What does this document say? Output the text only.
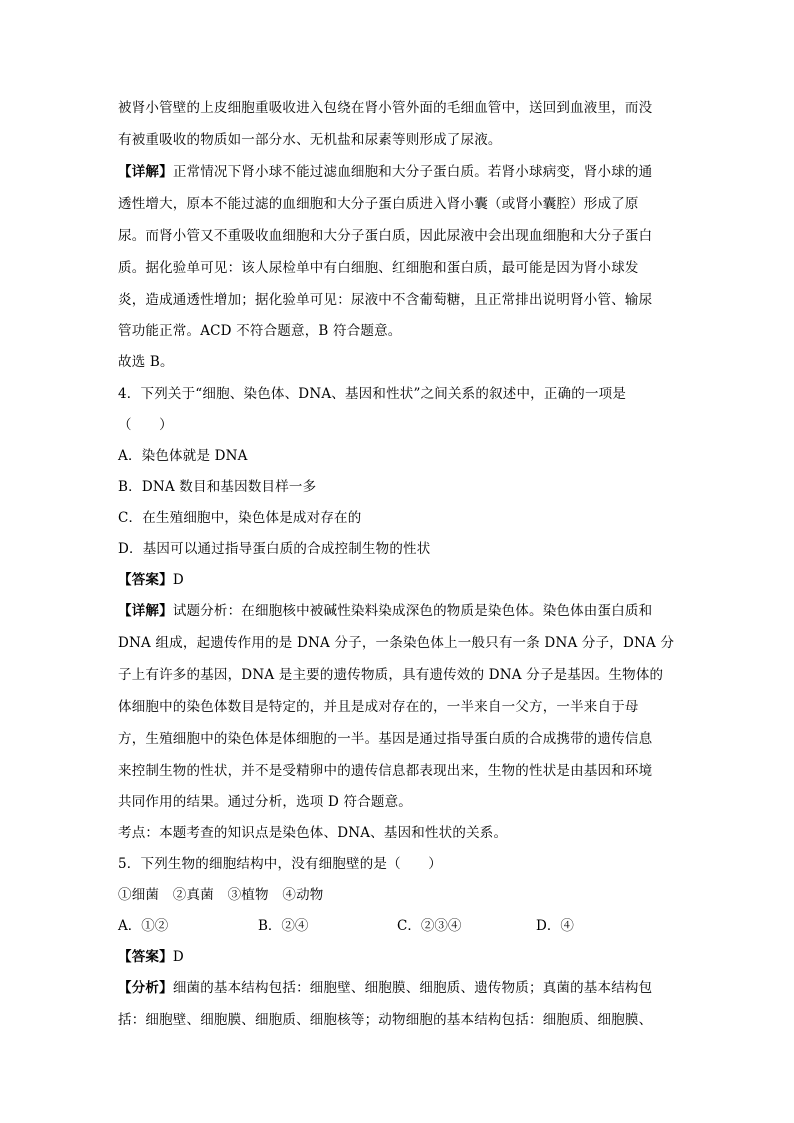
被肾小管壁的上皮细胞重吸收进入包绕在肾小管外面的毛细血管中，送回到血液里，而没
有被重吸收的物质如一部分水、无机盐和尿素等则形成了尿液。
【详解】正常情况下肾小球不能过滤血细胞和大分子蛋白质。若肾小球病变，肾小球的通
透性增大，原本不能过滤的血细胞和大分子蛋白质进入肾小囊（或肾小囊腔）形成了原
尿。而肾小管又不重吸收血细胞和大分子蛋白质，因此尿液中会出现血细胞和大分子蛋白
质。据化验单可见：该人尿检单中有白细胞、红细胞和蛋白质，最可能是因为肾小球发
炎，造成通透性增加；据化验单可见：尿液中不含葡萄糖，且正常排出说明肾小管、输尿
管功能正常。ACD 不符合题意，B 符合题意。
故选 B。
4．下列关于“细胞、染色体、DNA、基因和性状”之间关系的叙述中，正确的一项是
（　　）
A．染色体就是 DNA
B．DNA 数目和基因数目样一多
C．在生殖细胞中，染色体是成对存在的
D．基因可以通过指导蛋白质的合成控制生物的性状
【答案】D
【详解】试题分析：在细胞核中被碱性染料染成深色的物质是染色体。染色体由蛋白质和
DNA 组成，起遗传作用的是 DNA 分子，一条染色体上一般只有一条 DNA 分子，DNA 分
子上有许多的基因，DNA 是主要的遗传物质，具有遗传效的 DNA 分子是基因。生物体的
体细胞中的染色体数目是特定的，并且是成对存在的，一半来自一父方，一半来自于母
方，生殖细胞中的染色体是体细胞的一半。基因是通过指导蛋白质的合成携带的遗传信息
来控制生物的性状，并不是受精卵中的遗传信息都表现出来，生物的性状是由基因和环境
共同作用的结果。通过分析，选项 D 符合题意。
考点：本题考查的知识点是染色体、DNA、基因和性状的关系。
5．下列生物的细胞结构中，没有细胞壁的是（　　）
①细菌　②真菌　③植物　④动物
A．①②	B．②④	C．②③④	D．④
【答案】D
【分析】细菌的基本结构包括：细胞壁、细胞膜、细胞质、遗传物质；真菌的基本结构包
括：细胞壁、细胞膜、细胞质、细胞核等；动物细胞的基本结构包括：细胞质、细胞膜、
